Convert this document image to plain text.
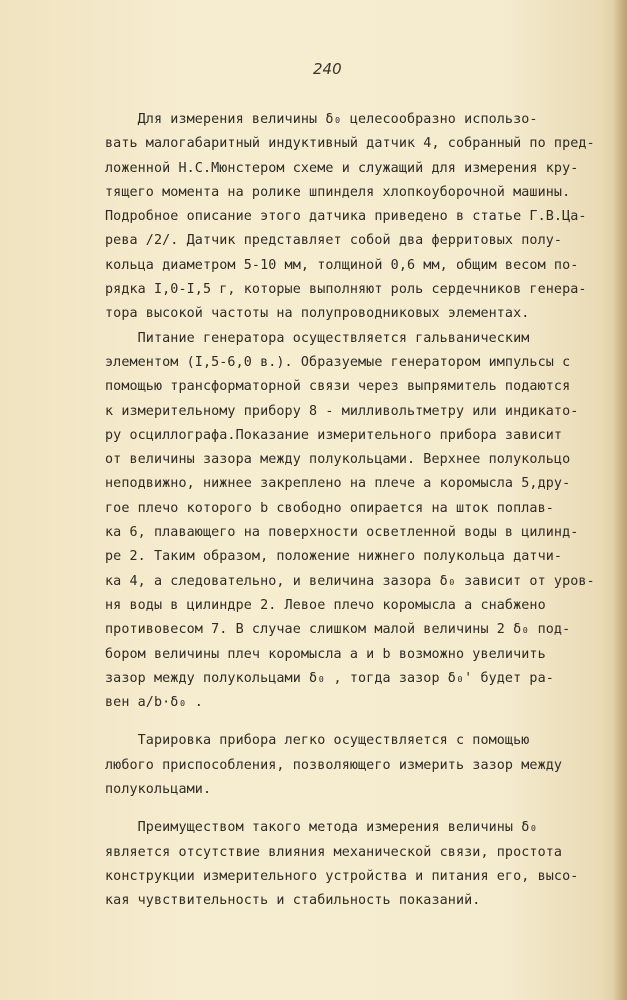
240
Для измерения величины δ₀ целесообразно использо-
вать малогабаритный индуктивный датчик 4, собранный по пред-
ложенной Н.С.Мюнстером схеме и служащий для измерения кру-
тящего момента на ролике шпинделя хлопкоуборочной машины.
Подробное описание этого датчика приведено в статье Г.В.Ца-
рева /2/. Датчик представляет собой два ферритовых полу-
кольца диаметром 5-10 мм, толщиной 0,6 мм, общим весом по-
рядка I,0-I,5 г, которые выполняют роль сердечников генера-
тора высокой частоты на полупроводниковых элементах.
Питание генератора осуществляется гальваническим
элементом (I,5-6,0 в.). Образуемые генератором импульсы с
помощью трансформаторной связи через выпрямитель подаются
к измерительному прибору 8 - милливольтметру или индикато-
ру осциллографа.Показание измерительного прибора зависит
от величины зазора между полукольцами. Верхнее полукольцо
неподвижно, нижнее закреплено на плече a коромысла 5,дру-
гое плечо которого b свободно опирается на шток поплав-
ка 6, плавающего на поверхности осветленной воды в цилинд-
ре 2. Таким образом, положение нижнего полукольца датчи-
ка 4, а следовательно, и величина зазора δ₀ зависит от уров-
ня воды в цилиндре 2. Левое плечо коромысла a снабжено
противовесом 7. В случае слишком малой величины 2 δ₀ под-
бором величины плеч коромысла a и b возможно увеличить
зазор между полукольцами δ₀ , тогда зазор δ₀' будет ра-
вен a/b·δ₀ .
Тарировка прибора легко осуществляется с помощью
любого приспособления, позволяющего измерить зазор между
полукольцами.
Преимуществом такого метода измерения величины δ₀
является отсутствие влияния механической связи, простота
конструкции измерительного устройства и питания его, высо-
кая чувствительность и стабильность показаний.
